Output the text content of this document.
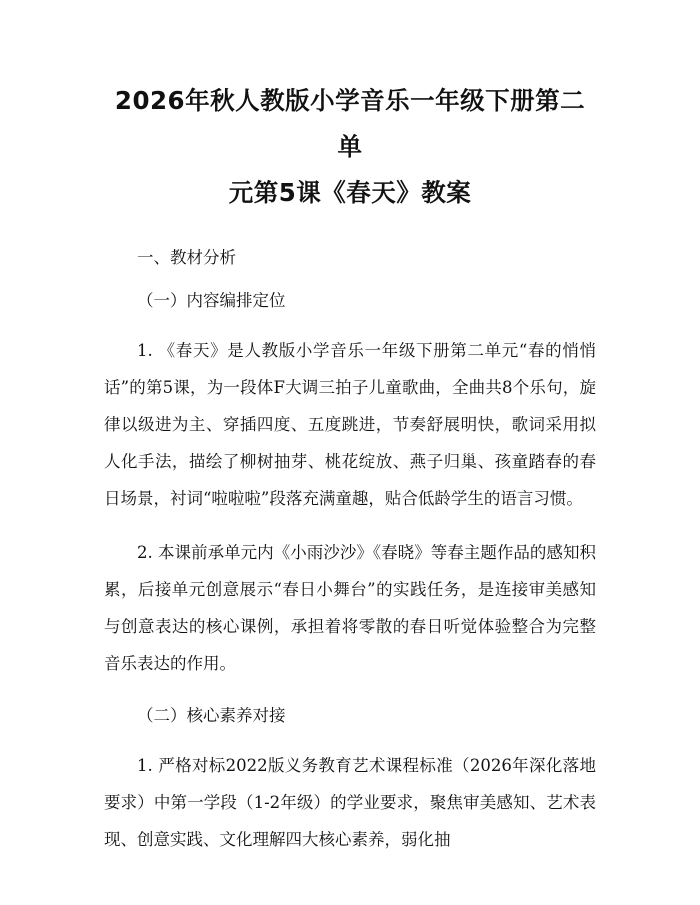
2026年秋人教版小学音乐一年级下册第二单
元第5课《春天》教案

一、教材分析

（一）内容编排定位

1. 《春天》是人教版小学音乐一年级下册第二单元“春的悄悄话”的第5课，为一段体F大调三拍子儿童歌曲，全曲共8个乐句，旋律以级进为主、穿插四度、五度跳进，节奏舒展明快，歌词采用拟人化手法，描绘了柳树抽芽、桃花绽放、燕子归巢、孩童踏春的春日场景，衬词“啦啦啦”段落充满童趣，贴合低龄学生的语言习惯。

2. 本课前承单元内《小雨沙沙》《春晓》等春主题作品的感知积累，后接单元创意展示“春日小舞台”的实践任务，是连接审美感知与创意表达的核心课例，承担着将零散的春日听觉体验整合为完整音乐表达的作用。

（二）核心素养对接

1. 严格对标2022版义务教育艺术课程标准（2026年深化落地要求）中第一学段（1-2年级）的学业要求，聚焦审美感知、艺术表现、创意实践、文化理解四大核心素养，弱化抽
